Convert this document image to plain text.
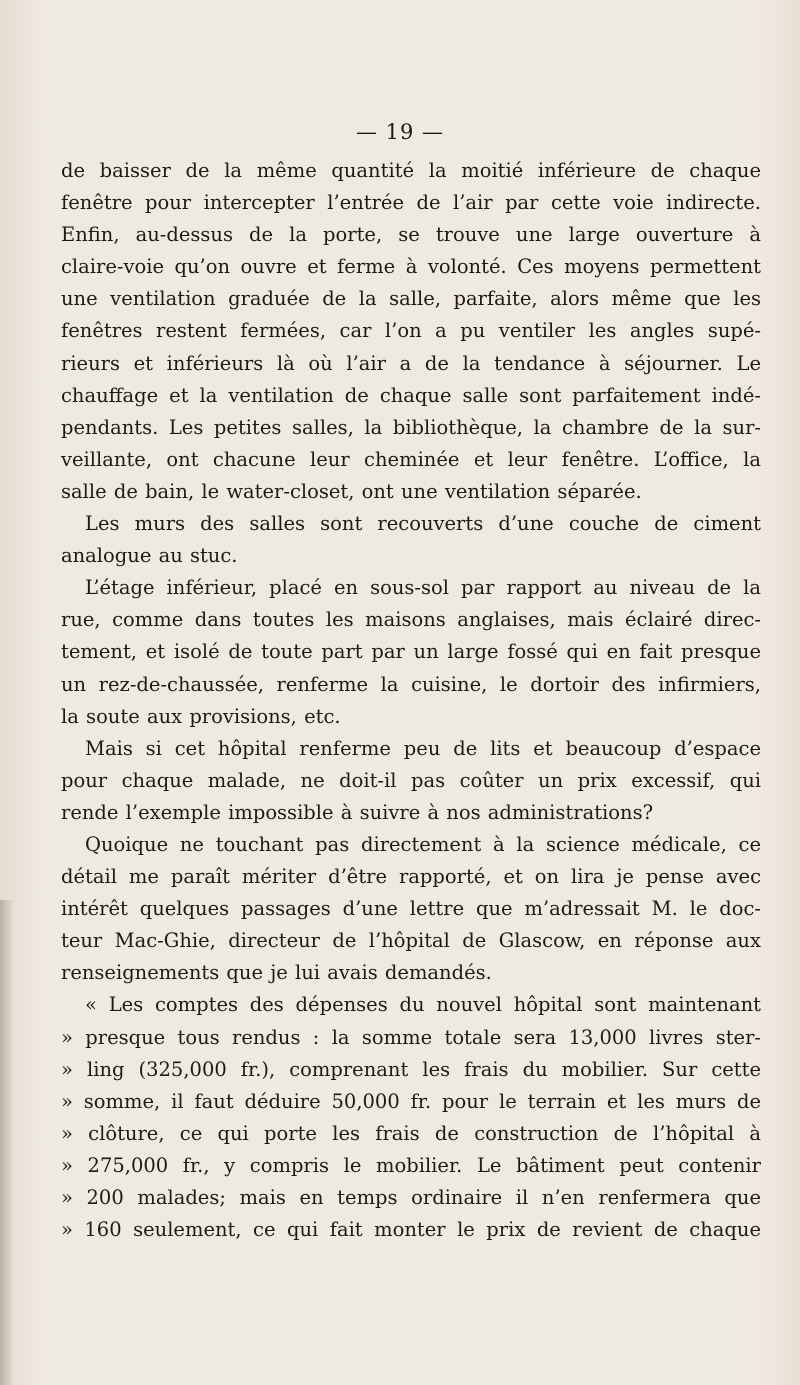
— 19 —
de baisser de la même quantité la moitié inférieure de chaque
fenêtre pour intercepter l’entrée de l’air par cette voie indirecte.
Enfin, au-dessus de la porte, se trouve une large ouverture à
claire-voie qu’on ouvre et ferme à volonté. Ces moyens permettent
une ventilation graduée de la salle, parfaite, alors même que les
fenêtres restent fermées, car l’on a pu ventiler les angles supé-
rieurs et inférieurs là où l’air a de la tendance à séjourner. Le
chauffage et la ventilation de chaque salle sont parfaitement indé-
pendants. Les petites salles, la bibliothèque, la chambre de la sur-
veillante, ont chacune leur cheminée et leur fenêtre. L’office, la
salle de bain, le water-closet, ont une ventilation séparée.
Les murs des salles sont recouverts d’une couche de ciment
analogue au stuc.
L’étage inférieur, placé en sous-sol par rapport au niveau de la
rue, comme dans toutes les maisons anglaises, mais éclairé direc-
tement, et isolé de toute part par un large fossé qui en fait presque
un rez-de-chaussée, renferme la cuisine, le dortoir des infirmiers,
la soute aux provisions, etc.
Mais si cet hôpital renferme peu de lits et beaucoup d’espace
pour chaque malade, ne doit-il pas coûter un prix excessif, qui
rende l’exemple impossible à suivre à nos administrations?
Quoique ne touchant pas directement à la science médicale, ce
détail me paraît mériter d’être rapporté, et on lira je pense avec
intérêt quelques passages d’une lettre que m’adressait M. le doc-
teur Mac-Ghie, directeur de l’hôpital de Glascow, en réponse aux
renseignements que je lui avais demandés.
« Les comptes des dépenses du nouvel hôpital sont maintenant
» presque tous rendus : la somme totale sera 13,000 livres ster-
» ling (325,000 fr.), comprenant les frais du mobilier. Sur cette
» somme, il faut déduire 50,000 fr. pour le terrain et les murs de
» clôture, ce qui porte les frais de construction de l’hôpital à
» 275,000 fr., y compris le mobilier. Le bâtiment peut contenir
» 200 malades; mais en temps ordinaire il n’en renfermera que
» 160 seulement, ce qui fait monter le prix de revient de chaque
